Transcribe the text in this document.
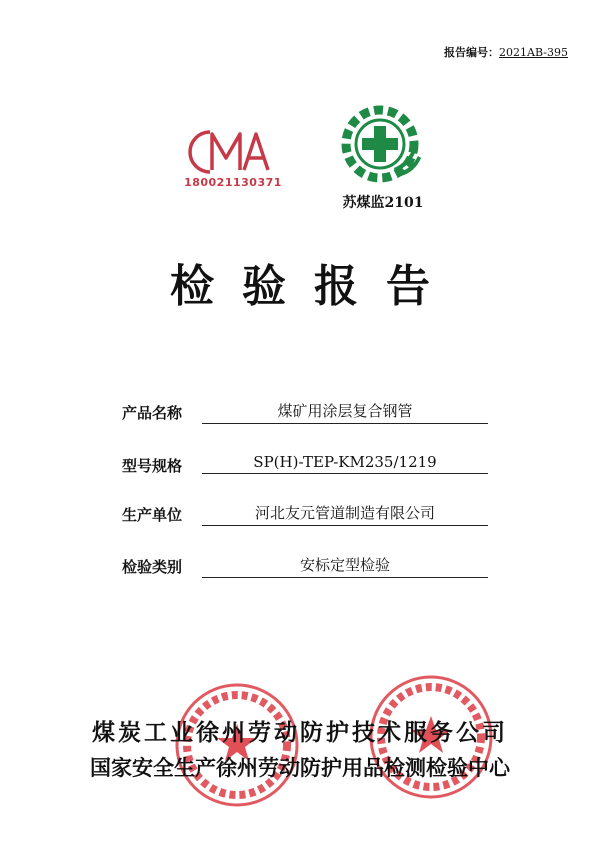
报告编号：2021AB-395
180021130371
苏煤监2101
检验报告
产品名称	煤矿用涂层复合钢管
型号规格	SP(H)-TEP-KM235/1219
生产单位	河北友元管道制造有限公司
检验类别	安标定型检验
煤炭工业徐州劳动防护技术服务公司
国家安全生产徐州劳动防护用品检测检验中心
